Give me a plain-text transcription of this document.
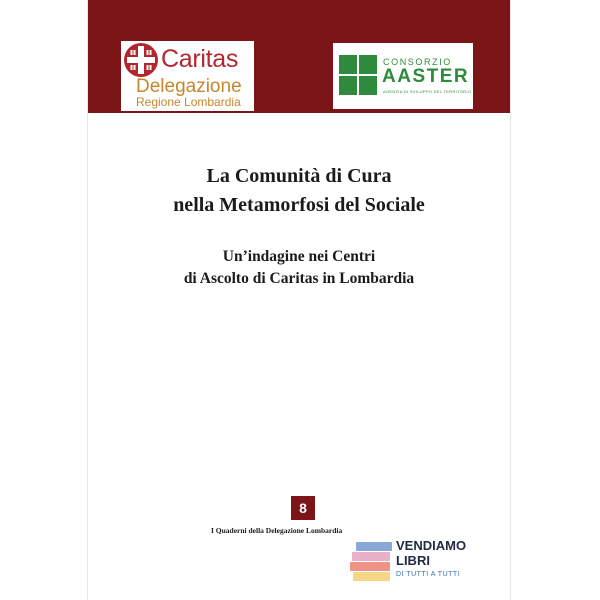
Caritas
Delegazione
Regione Lombardia
CONSORZIO
AASTER
AGENZIA DI SVILUPPO DEL TERRITORIO
La Comunità di Cura
nella Metamorfosi del Sociale
Un’indagine nei Centri
di Ascolto di Caritas in Lombardia
8
I Quaderni della Delegazione Lombardia
VENDIAMO
LIBRI
DI TUTTI A TUTTI
